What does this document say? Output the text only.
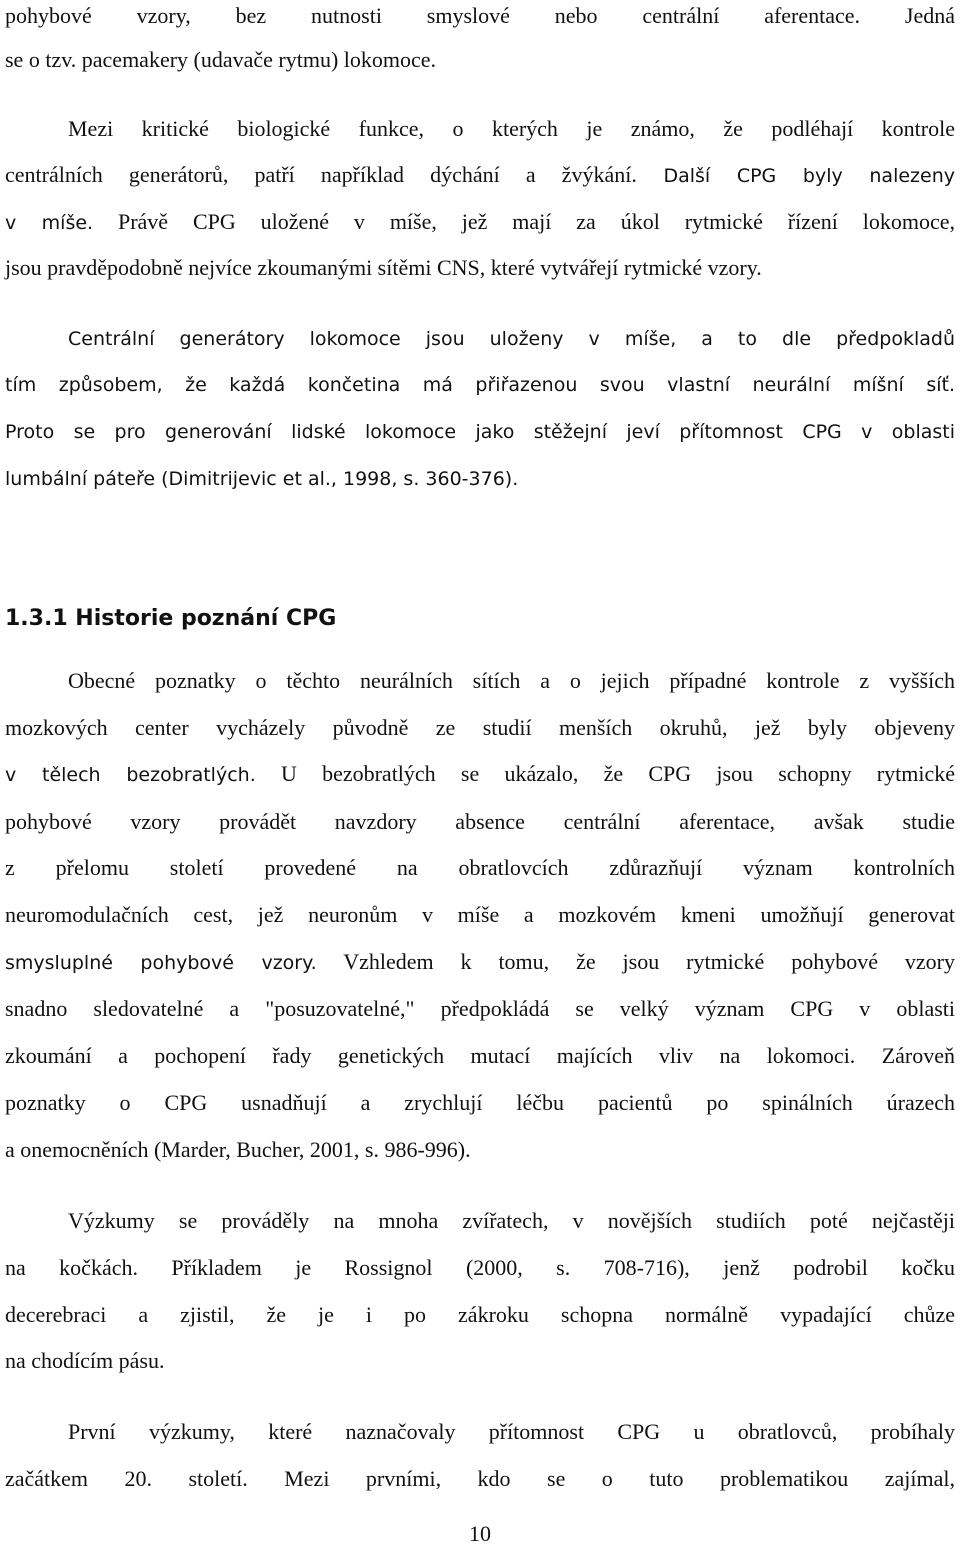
pohybové vzory, bez nutnosti smyslové nebo centrální aferentace. Jedná
se o tzv. pacemakery (udavače rytmu) lokomoce.
Mezi kritické biologické funkce, o kterých je známo, že podléhají kontrole
centrálních generátorů, patří například dýchání a žvýkání. Další CPG byly nalezeny
v míše. Právě CPG uložené v míše, jež mají za úkol rytmické řízení lokomoce,
jsou pravděpodobně nejvíce zkoumanými sítěmi CNS, které vytvářejí rytmické vzory.
Centrální generátory lokomoce jsou uloženy v míše, a to dle předpokladů
tím způsobem, že každá končetina má přiřazenou svou vlastní neurální míšní síť.
Proto se pro generování lidské lokomoce jako stěžejní jeví přítomnost CPG v oblasti
lumbální páteře (Dimitrijevic et al., 1998, s. 360-376).
1.3.1 Historie poznání CPG
Obecné poznatky o těchto neurálních sítích a o jejich případné kontrole z vyšších
mozkových center vycházely původně ze studií menších okruhů, jež byly objeveny
v tělech bezobratlých. U bezobratlých se ukázalo, že CPG jsou schopny rytmické
pohybové vzory provádět navzdory absence centrální aferentace, avšak studie
z přelomu století provedené na obratlovcích zdůrazňují význam kontrolních
neuromodulačních cest, jež neuronům v míše a mozkovém kmeni umožňují generovat
smysluplné pohybové vzory. Vzhledem k tomu, že jsou rytmické pohybové vzory
snadno sledovatelné a "posuzovatelné," předpokládá se velký význam CPG v oblasti
zkoumání a pochopení řady genetických mutací majících vliv na lokomoci. Zároveň
poznatky o CPG usnadňují a zrychlují léčbu pacientů po spinálních úrazech
a onemocněních (Marder, Bucher, 2001, s. 986-996).
Výzkumy se prováděly na mnoha zvířatech, v novějších studiích poté nejčastěji
na kočkách. Příkladem je Rossignol (2000, s. 708-716), jenž podrobil kočku
decerebraci a zjistil, že je i po zákroku schopna normálně vypadající chůze
na chodícím pásu.
První výzkumy, které naznačovaly přítomnost CPG u obratlovců, probíhaly
začátkem 20. století. Mezi prvními, kdo se o tuto problematikou zajímal,
10
